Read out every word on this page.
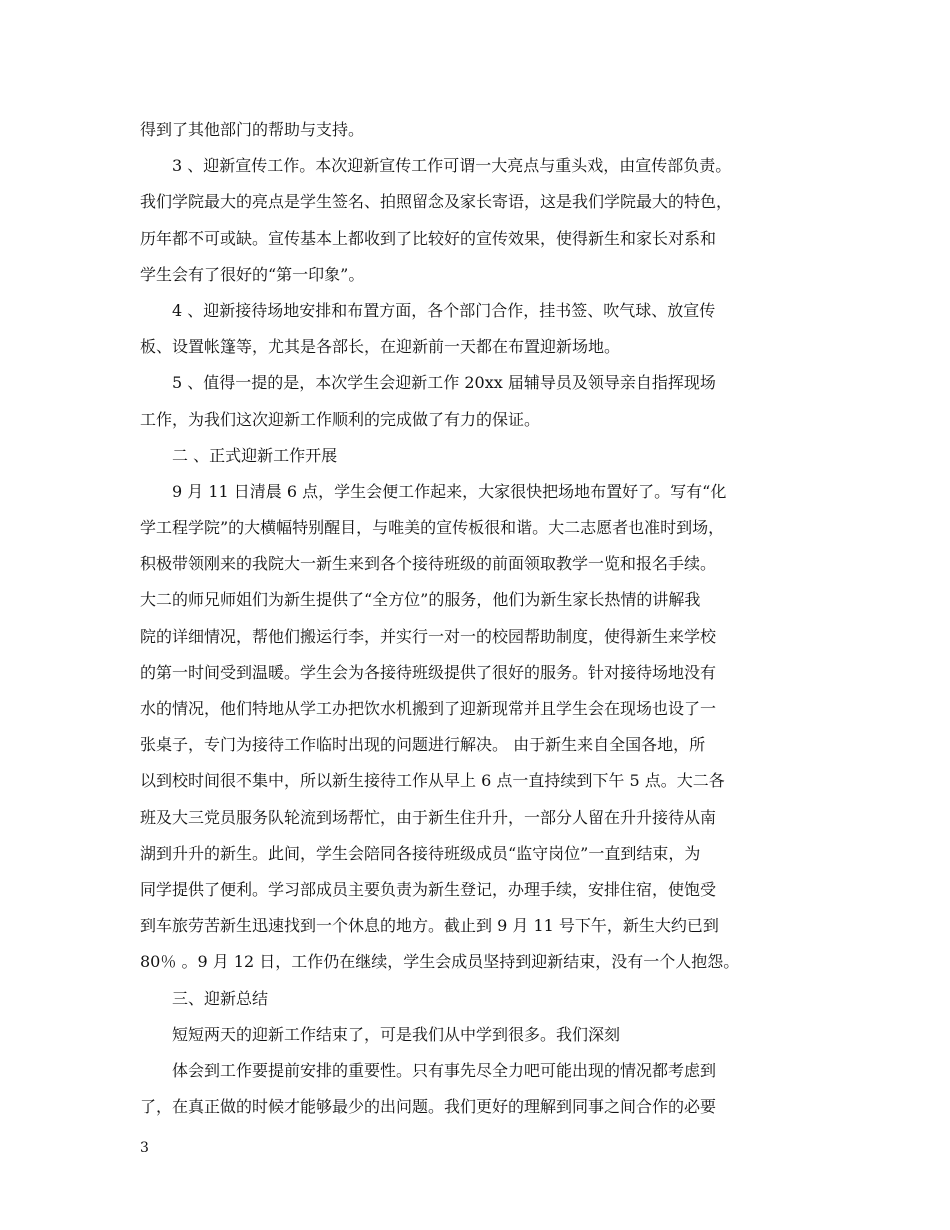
得到了其他部门的帮助与支持。
3 、迎新宣传工作。本次迎新宣传工作可谓一大亮点与重头戏，由宣传部负责。
我们学院最大的亮点是学生签名、拍照留念及家长寄语，这是我们学院最大的特色，
历年都不可或缺。宣传基本上都收到了比较好的宣传效果，使得新生和家长对系和
学生会有了很好的“第一印象”。
4 、迎新接待场地安排和布置方面，各个部门合作，挂书签、吹气球、放宣传
板、设置帐篷等，尤其是各部长，在迎新前一天都在布置迎新场地。
5 、值得一提的是，本次学生会迎新工作 20xx 届辅导员及领导亲自指挥现场
工作，为我们这次迎新工作顺利的完成做了有力的保证。
二 、正式迎新工作开展
9 月 11 日清晨 6 点，学生会便工作起来，大家很快把场地布置好了。写有“化
学工程学院”的大横幅特别醒目，与唯美的宣传板很和谐。大二志愿者也准时到场，
积极带领刚来的我院大一新生来到各个接待班级的前面领取教学一览和报名手续。
大二的师兄师姐们为新生提供了“全方位”的服务，他们为新生家长热情的讲解我
院的详细情况，帮他们搬运行李，并实行一对一的校园帮助制度，使得新生来学校
的第一时间受到温暖。学生会为各接待班级提供了很好的服务。针对接待场地没有
水的情况，他们特地从学工办把饮水机搬到了迎新现常并且学生会在现场也设了一
张桌子，专门为接待工作临时出现的问题进行解决。 由于新生来自全国各地，所
以到校时间很不集中，所以新生接待工作从早上 6 点一直持续到下午 5 点。大二各
班及大三党员服务队轮流到场帮忙，由于新生住升升，一部分人留在升升接待从南
湖到升升的新生。此间，学生会陪同各接待班级成员“监守岗位”一直到结束，为
同学提供了便利。学习部成员主要负责为新生登记，办理手续，安排住宿，使饱受
到车旅劳苦新生迅速找到一个休息的地方。截止到 9 月 11 号下午，新生大约已到
80％ 。9 月 12 日，工作仍在继续，学生会成员坚持到迎新结束，没有一个人抱怨。
三、迎新总结
短短两天的迎新工作结束了，可是我们从中学到很多。我们深刻
体会到工作要提前安排的重要性。只有事先尽全力吧可能出现的情况都考虑到
了，在真正做的时候才能够最少的出问题。我们更好的理解到同事之间合作的必要
3
